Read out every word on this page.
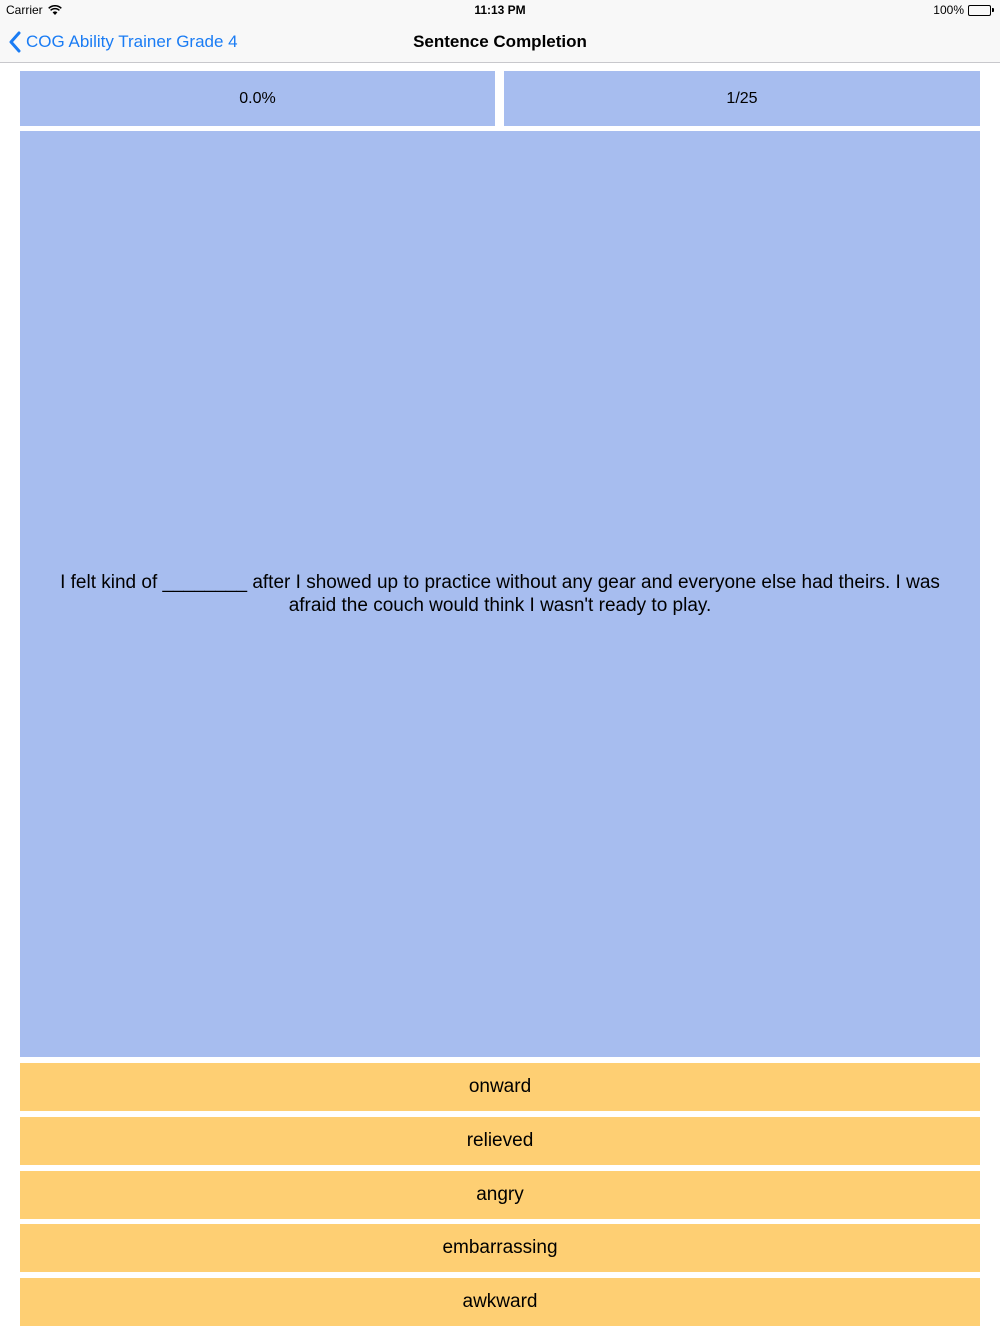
Carrier	11:13 PM	100%
COG Ability Trainer Grade 4	Sentence Completion
0.0%	1/25
I felt kind of ________ after I showed up to practice without any gear and everyone else had theirs. I was afraid the couch would think I wasn't ready to play.
onward
relieved
angry
embarrassing
awkward
